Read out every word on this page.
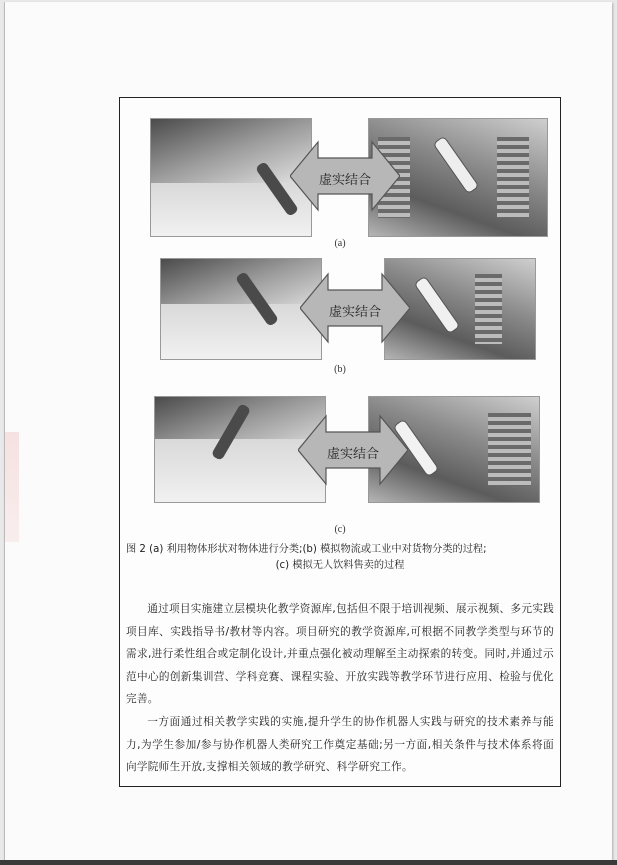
虚实结合
(a)
虚实结合
(b)
虚实结合
(c)
图 2 (a) 利用物体形状对物体进行分类;(b) 模拟物流或工业中对货物分类的过程;
(c) 模拟无人饮料售卖的过程

通过项目实施建立层模块化教学资源库,包括但不限于培训视频、展示视频、多元实践项目库、实践指导书/教材等内容。项目研究的教学资源库,可根据不同教学类型与环节的需求,进行柔性组合或定制化设计,并重点强化被动理解至主动探索的转变。同时,并通过示范中心的创新集训营、学科竞赛、课程实验、开放实践等教学环节进行应用、检验与优化完善。

一方面通过相关教学实践的实施,提升学生的协作机器人实践与研究的技术素养与能力,为学生参加/参与协作机器人类研究工作奠定基础;另一方面,相关条件与技术体系将面向学院师生开放,支撑相关领域的教学研究、科学研究工作。
